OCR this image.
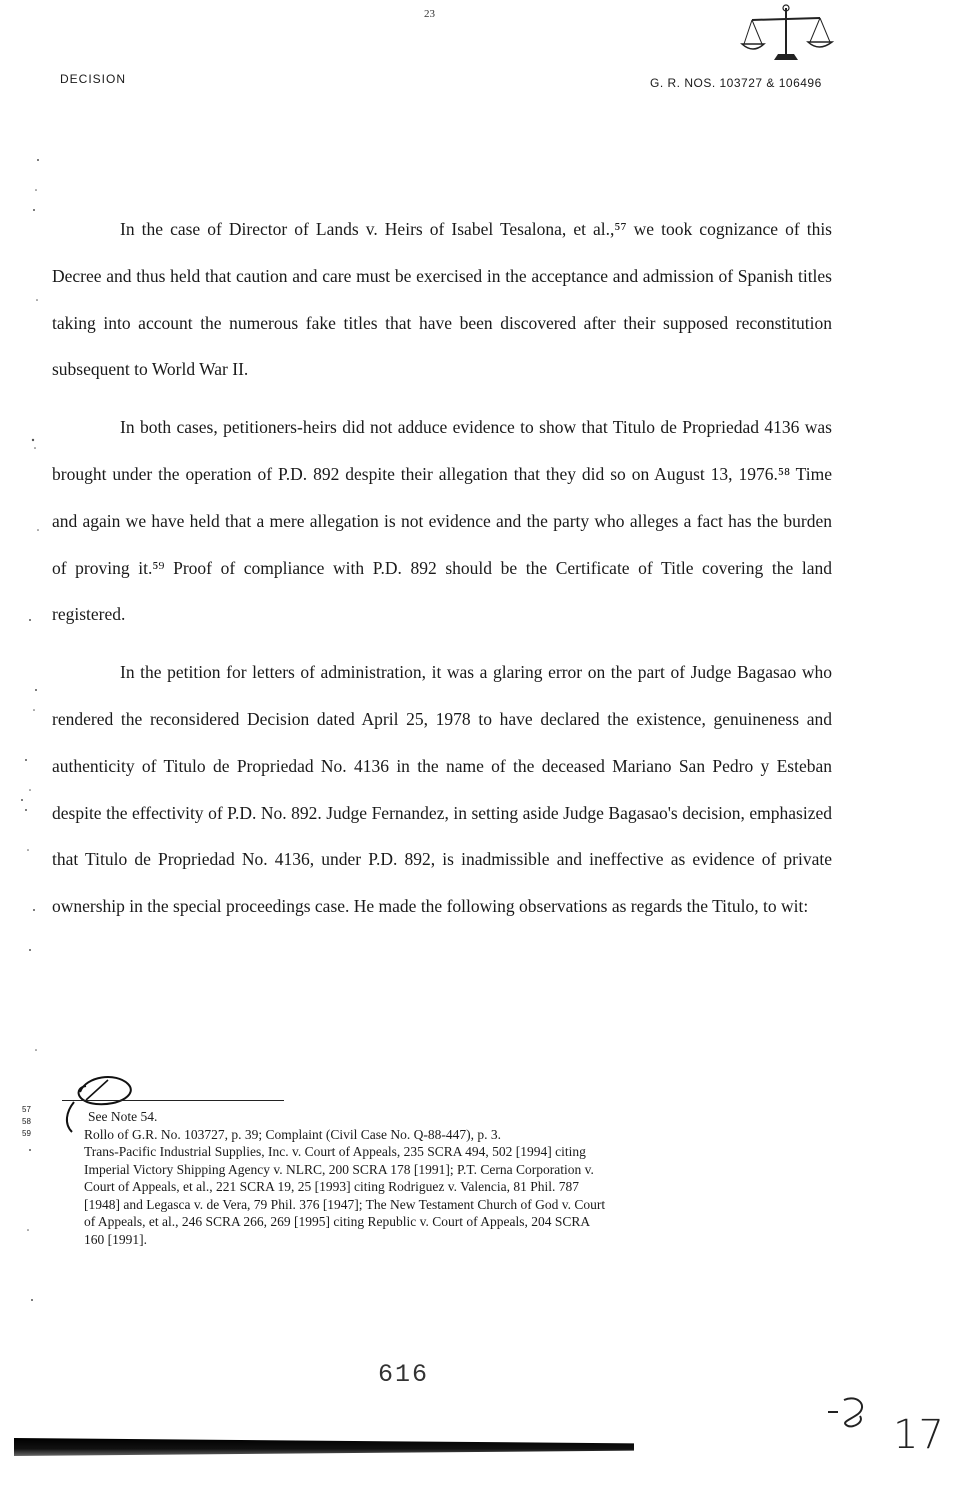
23
DECISION	G. R. NOS. 103727 & 106496

In the case of Director of Lands v. Heirs of Isabel Tesalona, et al.,⁵⁷ we took cognizance of this Decree and thus held that caution and care must be exercised in the acceptance and admission of Spanish titles taking into account the numerous fake titles that have been discovered after their supposed reconstitution subsequent to World War II.

In both cases, petitioners-heirs did not adduce evidence to show that Titulo de Propriedad 4136 was brought under the operation of P.D. 892 despite their allegation that they did so on August 13, 1976.⁵⁸ Time and again we have held that a mere allegation is not evidence and the party who alleges a fact has the burden of proving it.⁵⁹ Proof of compliance with P.D. 892 should be the Certificate of Title covering the land registered.

In the petition for letters of administration, it was a glaring error on the part of Judge Bagasao who rendered the reconsidered Decision dated April 25, 1978 to have declared the existence, genuineness and authenticity of Titulo de Propriedad No. 4136 in the name of the deceased Mariano San Pedro y Esteban despite the effectivity of P.D. No. 892. Judge Fernandez, in setting aside Judge Bagasao's decision, emphasized that Titulo de Propriedad No. 4136, under P.D. 892, is inadmissible and ineffective as evidence of private ownership in the special proceedings case. He made the following observations as regards the Titulo, to wit:

57
58
59
See Note 54.
Rollo of G.R. No. 103727, p. 39; Complaint (Civil Case No. Q-88-447), p. 3.
Trans-Pacific Industrial Supplies, Inc. v. Court of Appeals, 235 SCRA 494, 502 [1994] citing
Imperial Victory Shipping Agency v. NLRC, 200 SCRA 178 [1991]; P.T. Cerna Corporation v.
Court of Appeals, et al., 221 SCRA 19, 25 [1993] citing Rodriguez v. Valencia, 81 Phil. 787
[1948] and Legasca v. de Vera, 79 Phil. 376 [1947]; The New Testament Church of God v. Court
of Appeals, et al., 246 SCRA 266, 269 [1995] citing Republic v. Court of Appeals, 204 SCRA
160 [1991].
616
17
